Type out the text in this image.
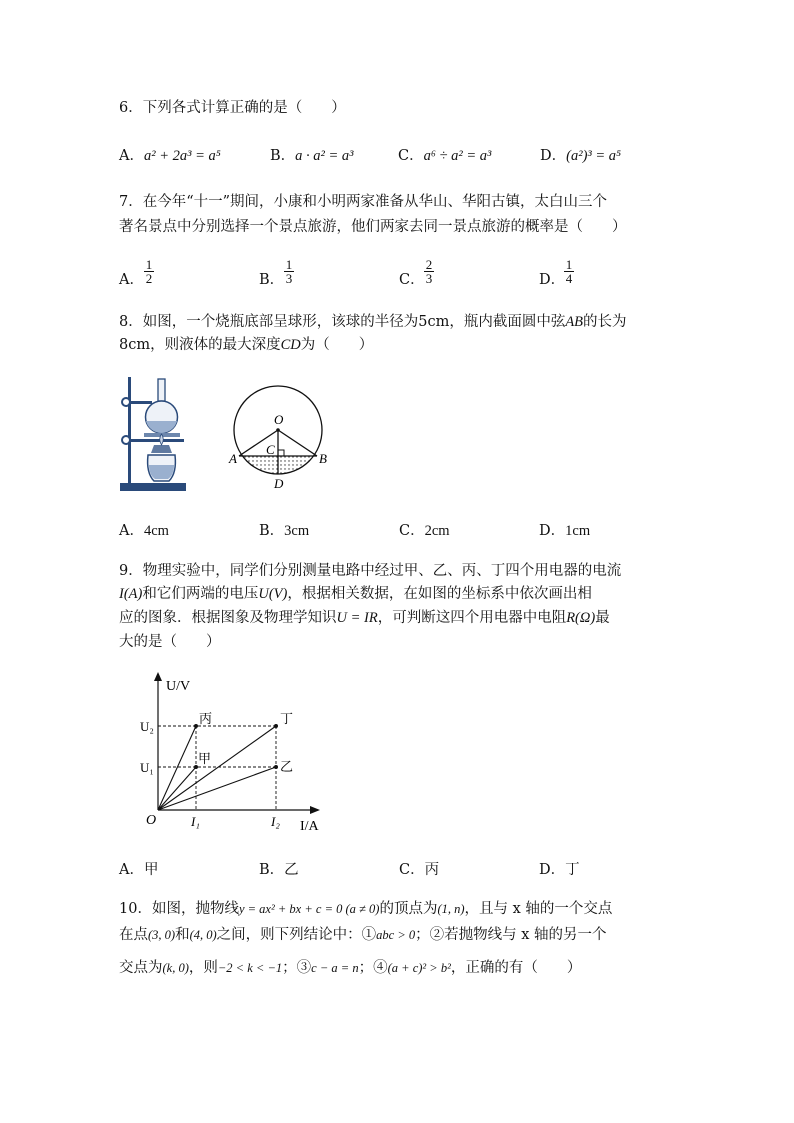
6．下列各式计算正确的是（　　）
A．a² + 2a³ = a⁵	B．a · a² = a³	C．a⁶ ÷ a² = a³	D．(a²)³ = a⁵
7．在今年“十一”期间，小康和小明两家准备从华山、华阳古镇，太白山三个
著名景点中分别选择一个景点旅游，他们两家去同一景点旅游的概率是（　　）
A．
1
2	B．
1
3	C．
2
3	D．
1
4
8．如图，一个烧瓶底部呈球形，该球的半径为5cm，瓶内截面圆中弦AB的长为
8cm，则液体的最大深度CD为（　　）
O
A	B
C
D
A．4cm	B．3cm	C．2cm	D．1cm
9．物理实验中，同学们分别测量电路中经过甲、乙、丙、丁四个用电器的电流
I(A)和它们两端的电压U(V)，根据相关数据，在如图的坐标系中依次画出相
应的图象．根据图象及物理学知识U = IR，可判断这四个用电器中电阻R(Ω)最
大的是（　　）
U/V
I/A
O
U₂
U₁
I₁	I₂
丙
甲
丁
乙
A．甲	B．乙	C．丙	D．丁
10．如图，抛物线y = ax² + bx + c = 0 (a ≠ 0)的顶点为(1, n)，且与 x 轴的一个交点
在点(3, 0)和(4, 0)之间，则下列结论中：①abc > 0；②若抛物线与 x 轴的另一个
交点为(k, 0)，则−2 < k < −1；③c − a = n；④(a + c)² > b²，正确的有（　　）
